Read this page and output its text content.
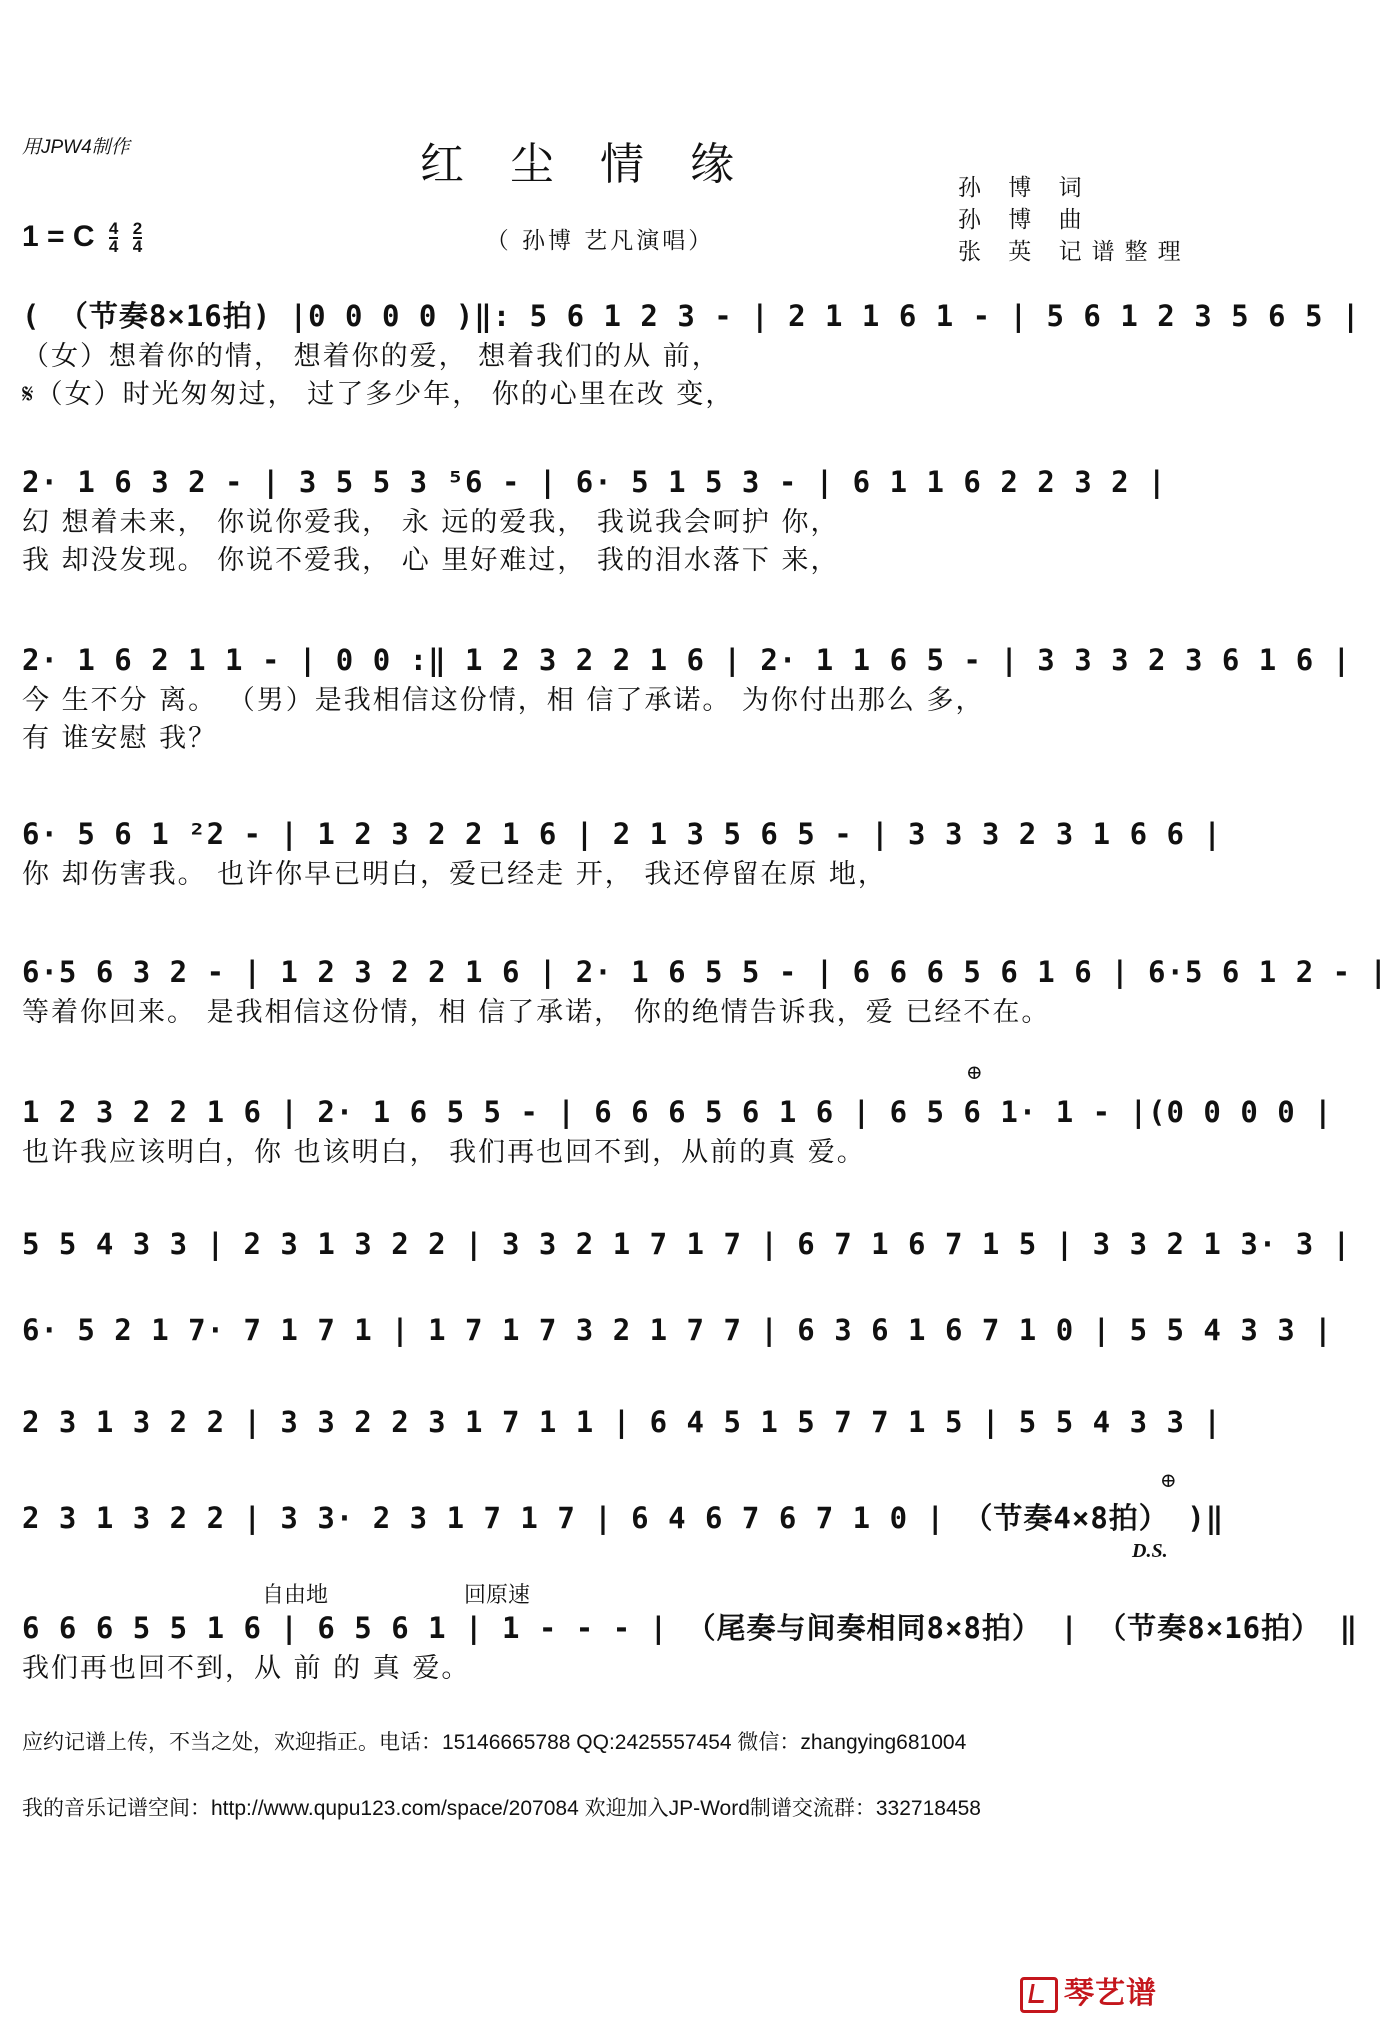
用JPW4制作	红尘情缘
（ 孙博 艺凡演唱）
孙 博 词
孙 博 曲
张 英 记谱整理
1 = C $\frac{4}{4}$
$\frac{2}{4}$
( （节奏8×16拍) |0 0 0 0 )‖: 5 6 1 2 3 - | 2 1 1 6 1 - | 5 6 1 2 3 5 6 5 |
（女）想着你的情， 想着你的爱， 想着我们的从 前，
𝄋（女）时光匆匆过， 过了多少年， 你的心里在改 变，
2· 1 6 3 2 - | 3 5 5 3 ⁵6 - | 6· 5 1 5 3 - | 6 1 1 6 2 2 3 2 |
幻 想着未来， 你说你爱我， 永 远的爱我， 我说我会呵护 你，
我 却没发现。 你说不爱我， 心 里好难过， 我的泪水落下 来，
2· 1 6 2 1 1 - | 0 0 :‖ 1 2 3 2 2 1 6 | 2· 1 1 6 5 - | 3 3 3 2 3 6 1 6 |
今 生不分 离。 （男）是我相信这份情，相 信了承诺。 为你付出那么 多，
有 谁安慰 我？
6· 5 6 1 ²2 - | 1 2 3 2 2 1 6 | 2 1 3 5 6 5 - | 3 3 3 2 3 1 6 6 |
你 却伤害我。 也许你早已明白，爱已经走 开， 我还停留在原 地，
6·5 6 3 2 - | 1 2 3 2 2 1 6 | 2· 1 6 5 5 - | 6 6 6 5 6 1 6 | 6·5 6 1 2 - |
等着你回来。 是我相信这份情，相 信了承诺， 你的绝情告诉我，爱 已经不在。
⊕
1 2 3 2 2 1 6 | 2· 1 6 5 5 - | 6 6 6 5 6 1 6 | 6 5 6 1· 1 - |(0 0 0 0 |
也许我应该明白，你 也该明白， 我们再也回不到，从前的真 爱。
5 5 4 3 3 | 2 3 1 3 2 2 | 3 3 2 1 7 1 7 | 6 7 1 6 7 1 5 | 3 3 2 1 3· 3 |
6· 5 2 1 7· 7 1 7 1 | 1 7 1 7 3 2 1 7 7 | 6 3 6 1 6 7 1 0 | 5 5 4 3 3 |
2 3 1 3 2 2 | 3 3 2 2 3 1 7 1 1 | 6 4 5 1 5 7 7 1 5 | 5 5 4 3 3 |
⊕
2 3 1 3 2 2 | 3 3· 2 3 1 7 1 7 | 6 4 6 7 6 7 1 0 | （节奏4×8拍） )‖
D.S.
自由地	回原速
6 6 6 5 5 1 6 | 6 5 6 1 | 1 - - - | （尾奏与间奏相同8×8拍） | （节奏8×16拍） ‖
我们再也回不到，从 前 的 真 爱。
应约记谱上传，不当之处，欢迎指正。电话：15146665788 QQ:2425557454 微信：zhangying681004
我的音乐记谱空间：http://www.qupu123.com/space/207084 欢迎加入JP-Word制谱交流群：332718458
琴艺谱
